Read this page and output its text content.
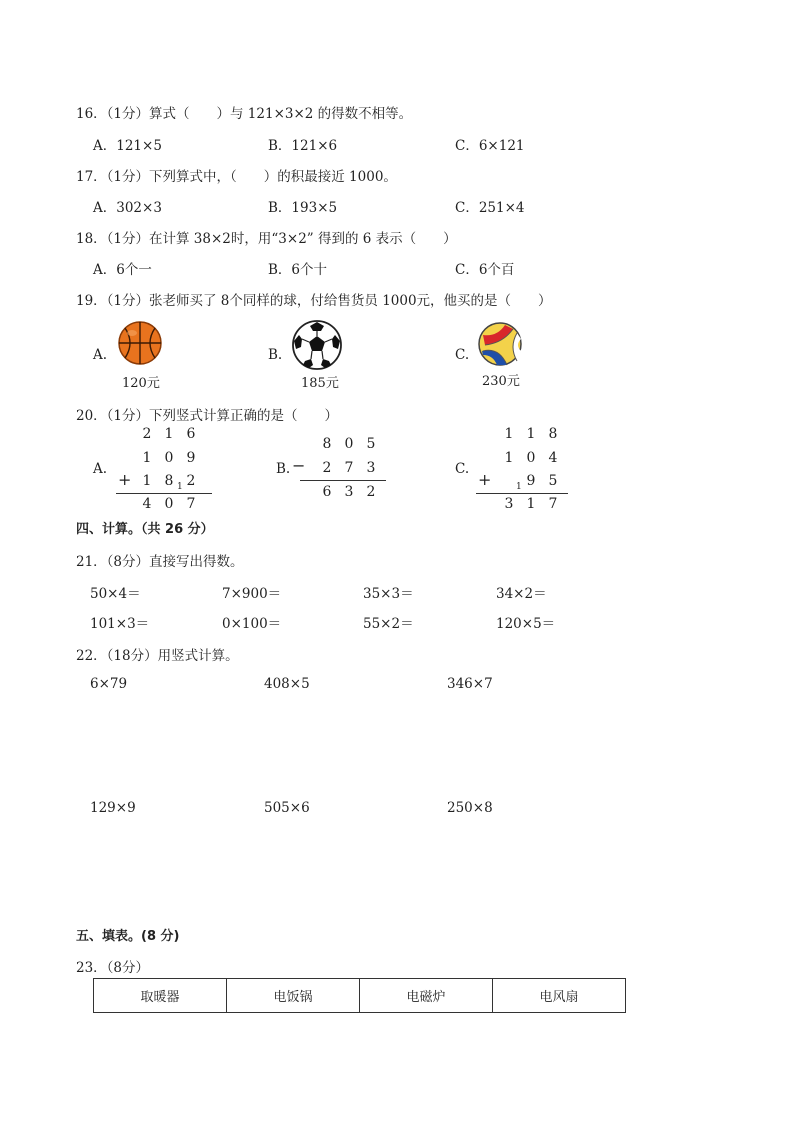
16．（1分）算式（　　）与 121×3×2 的得数不相等。
A．121×5	B．121×6	C．6×121
17．（1分）下列算式中，（　　）的积最接近 1000。
A．302×3	B．193×5	C．251×4
18．（1分）在计算 38×2时，用“3×2” 得到的 6 表示（　　）
A．6个一	B．6个十	C．6个百
19．（1分）张老师买了 8个同样的球，付给售货员 1000元，他买的是（　　）
A.
120元
B.
185元
C.
230元
20．（1分）下列竖式计算正确的是（　　）
A.
2 1 6
1 0 9
+ 1 8 2
1
4 0 7
B.
8 0 5
−	2 7 3
6 3 2
C.
1 1 8
1 0 4
+	9 5
1
3 1 7
四、计算。（共 26 分）
21．（8分）直接写出得数。
50×4＝	7×900＝	35×3＝	34×2＝
101×3＝	0×100＝	55×2＝	120×5＝
22．（18分）用竖式计算。
6×79	408×5	346×7
129×9	505×6	250×8
五、填表。(8 分)
23．（8分）
取暖器	电饭锅	电磁炉	电风扇
